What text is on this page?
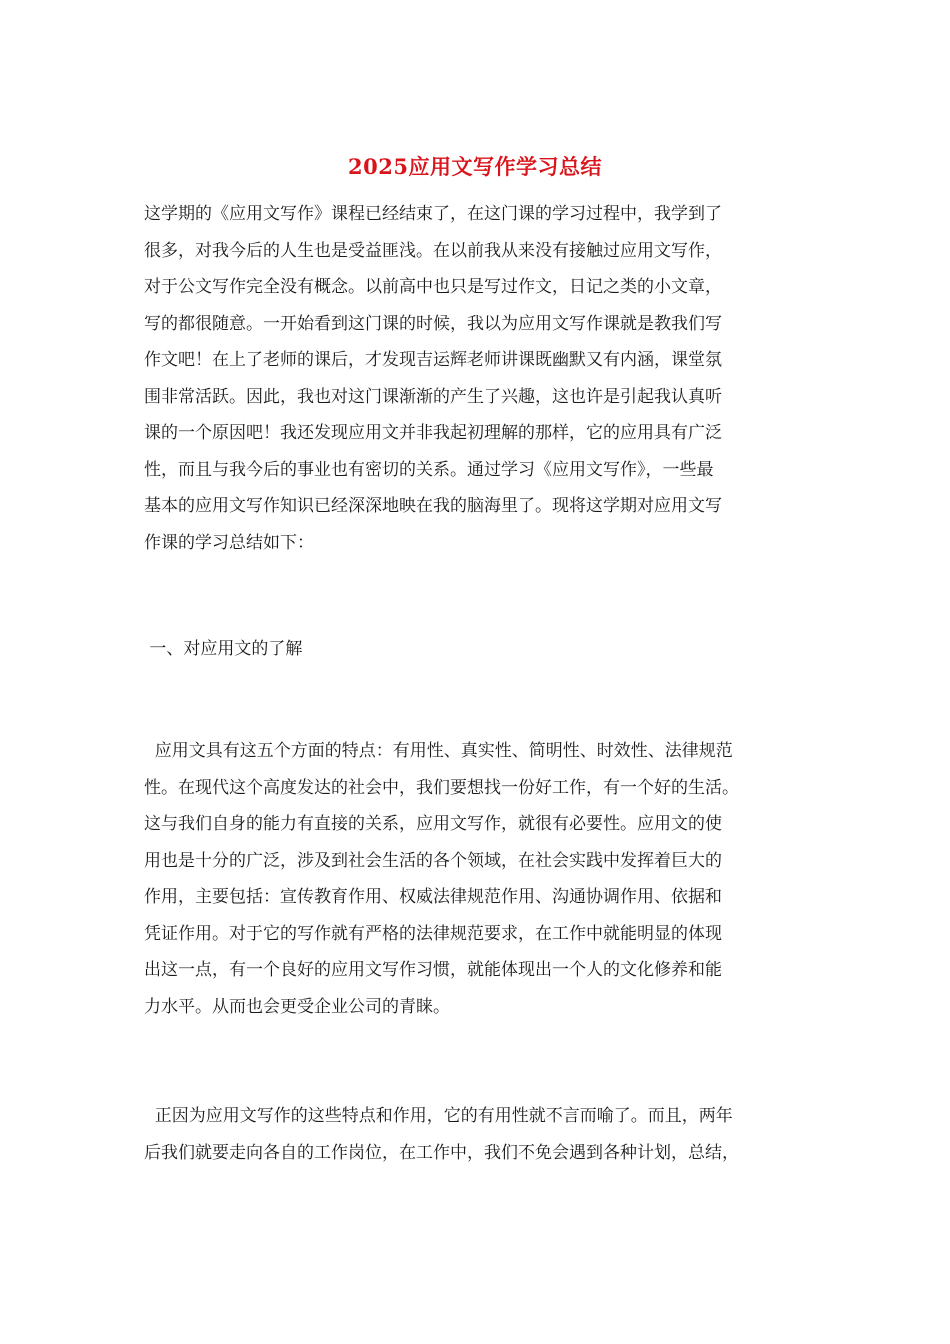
2025应用文写作学习总结
这学期的《应用文写作》课程已经结束了，在这门课的学习过程中，我学到了
很多，对我今后的人生也是受益匪浅。在以前我从来没有接触过应用文写作，
对于公文写作完全没有概念。以前高中也只是写过作文，日记之类的小文章，
写的都很随意。一开始看到这门课的时候，我以为应用文写作课就是教我们写
作文吧！在上了老师的课后，才发现吉运辉老师讲课既幽默又有内涵，课堂氛
围非常活跃。因此，我也对这门课渐渐的产生了兴趣，这也许是引起我认真听
课的一个原因吧！我还发现应用文并非我起初理解的那样，它的应用具有广泛
性，而且与我今后的事业也有密切的关系。通过学习《应用文写作》，一些最
基本的应用文写作知识已经深深地映在我的脑海里了。现将这学期对应用文写
作课的学习总结如下：
一、对应用文的了解
应用文具有这五个方面的特点：有用性、真实性、简明性、时效性、法律规范
性。在现代这个高度发达的社会中，我们要想找一份好工作，有一个好的生活。
这与我们自身的能力有直接的关系，应用文写作，就很有必要性。应用文的使
用也是十分的广泛，涉及到社会生活的各个领域，在社会实践中发挥着巨大的
作用，主要包括：宣传教育作用、权威法律规范作用、沟通协调作用、依据和
凭证作用。对于它的写作就有严格的法律规范要求，在工作中就能明显的体现
出这一点，有一个良好的应用文写作习惯，就能体现出一个人的文化修养和能
力水平。从而也会更受企业公司的青睐。
正因为应用文写作的这些特点和作用，它的有用性就不言而喻了。而且，两年
后我们就要走向各自的工作岗位，在工作中，我们不免会遇到各种计划，总结，
